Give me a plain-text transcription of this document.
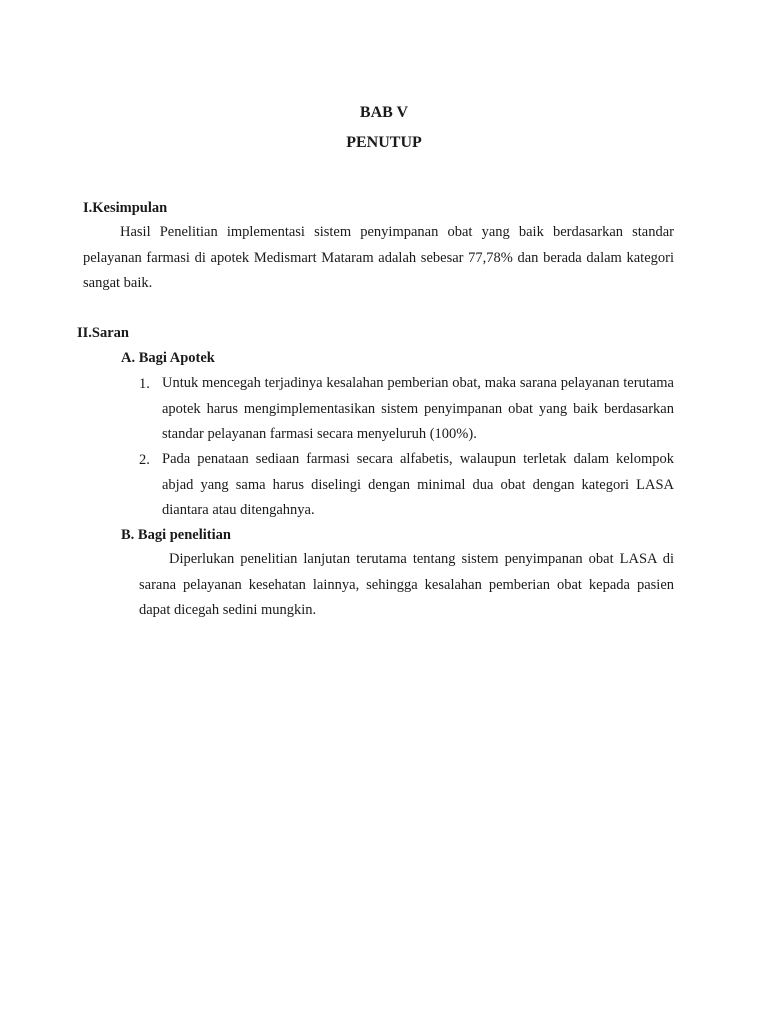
BAB V
PENUTUP
I.Kesimpulan
Hasil Penelitian implementasi sistem penyimpanan obat yang baik berdasarkan standar pelayanan farmasi di apotek Medismart Mataram adalah sebesar 77,78% dan berada dalam kategori sangat baik.
II.Saran
A. Bagi Apotek
1. Untuk mencegah terjadinya kesalahan pemberian obat, maka sarana pelayanan terutama apotek harus mengimplementasikan sistem penyimpanan obat yang baik berdasarkan standar pelayanan farmasi secara menyeluruh (100%).
2. Pada penataan sediaan farmasi secara alfabetis, walaupun terletak dalam kelompok abjad yang sama harus diselingi dengan minimal dua obat dengan kategori LASA diantara atau ditengahnya.
B. Bagi penelitian
Diperlukan penelitian lanjutan terutama tentang sistem penyimpanan obat LASA di sarana pelayanan kesehatan lainnya, sehingga kesalahan pemberian obat kepada pasien dapat dicegah sedini mungkin.
